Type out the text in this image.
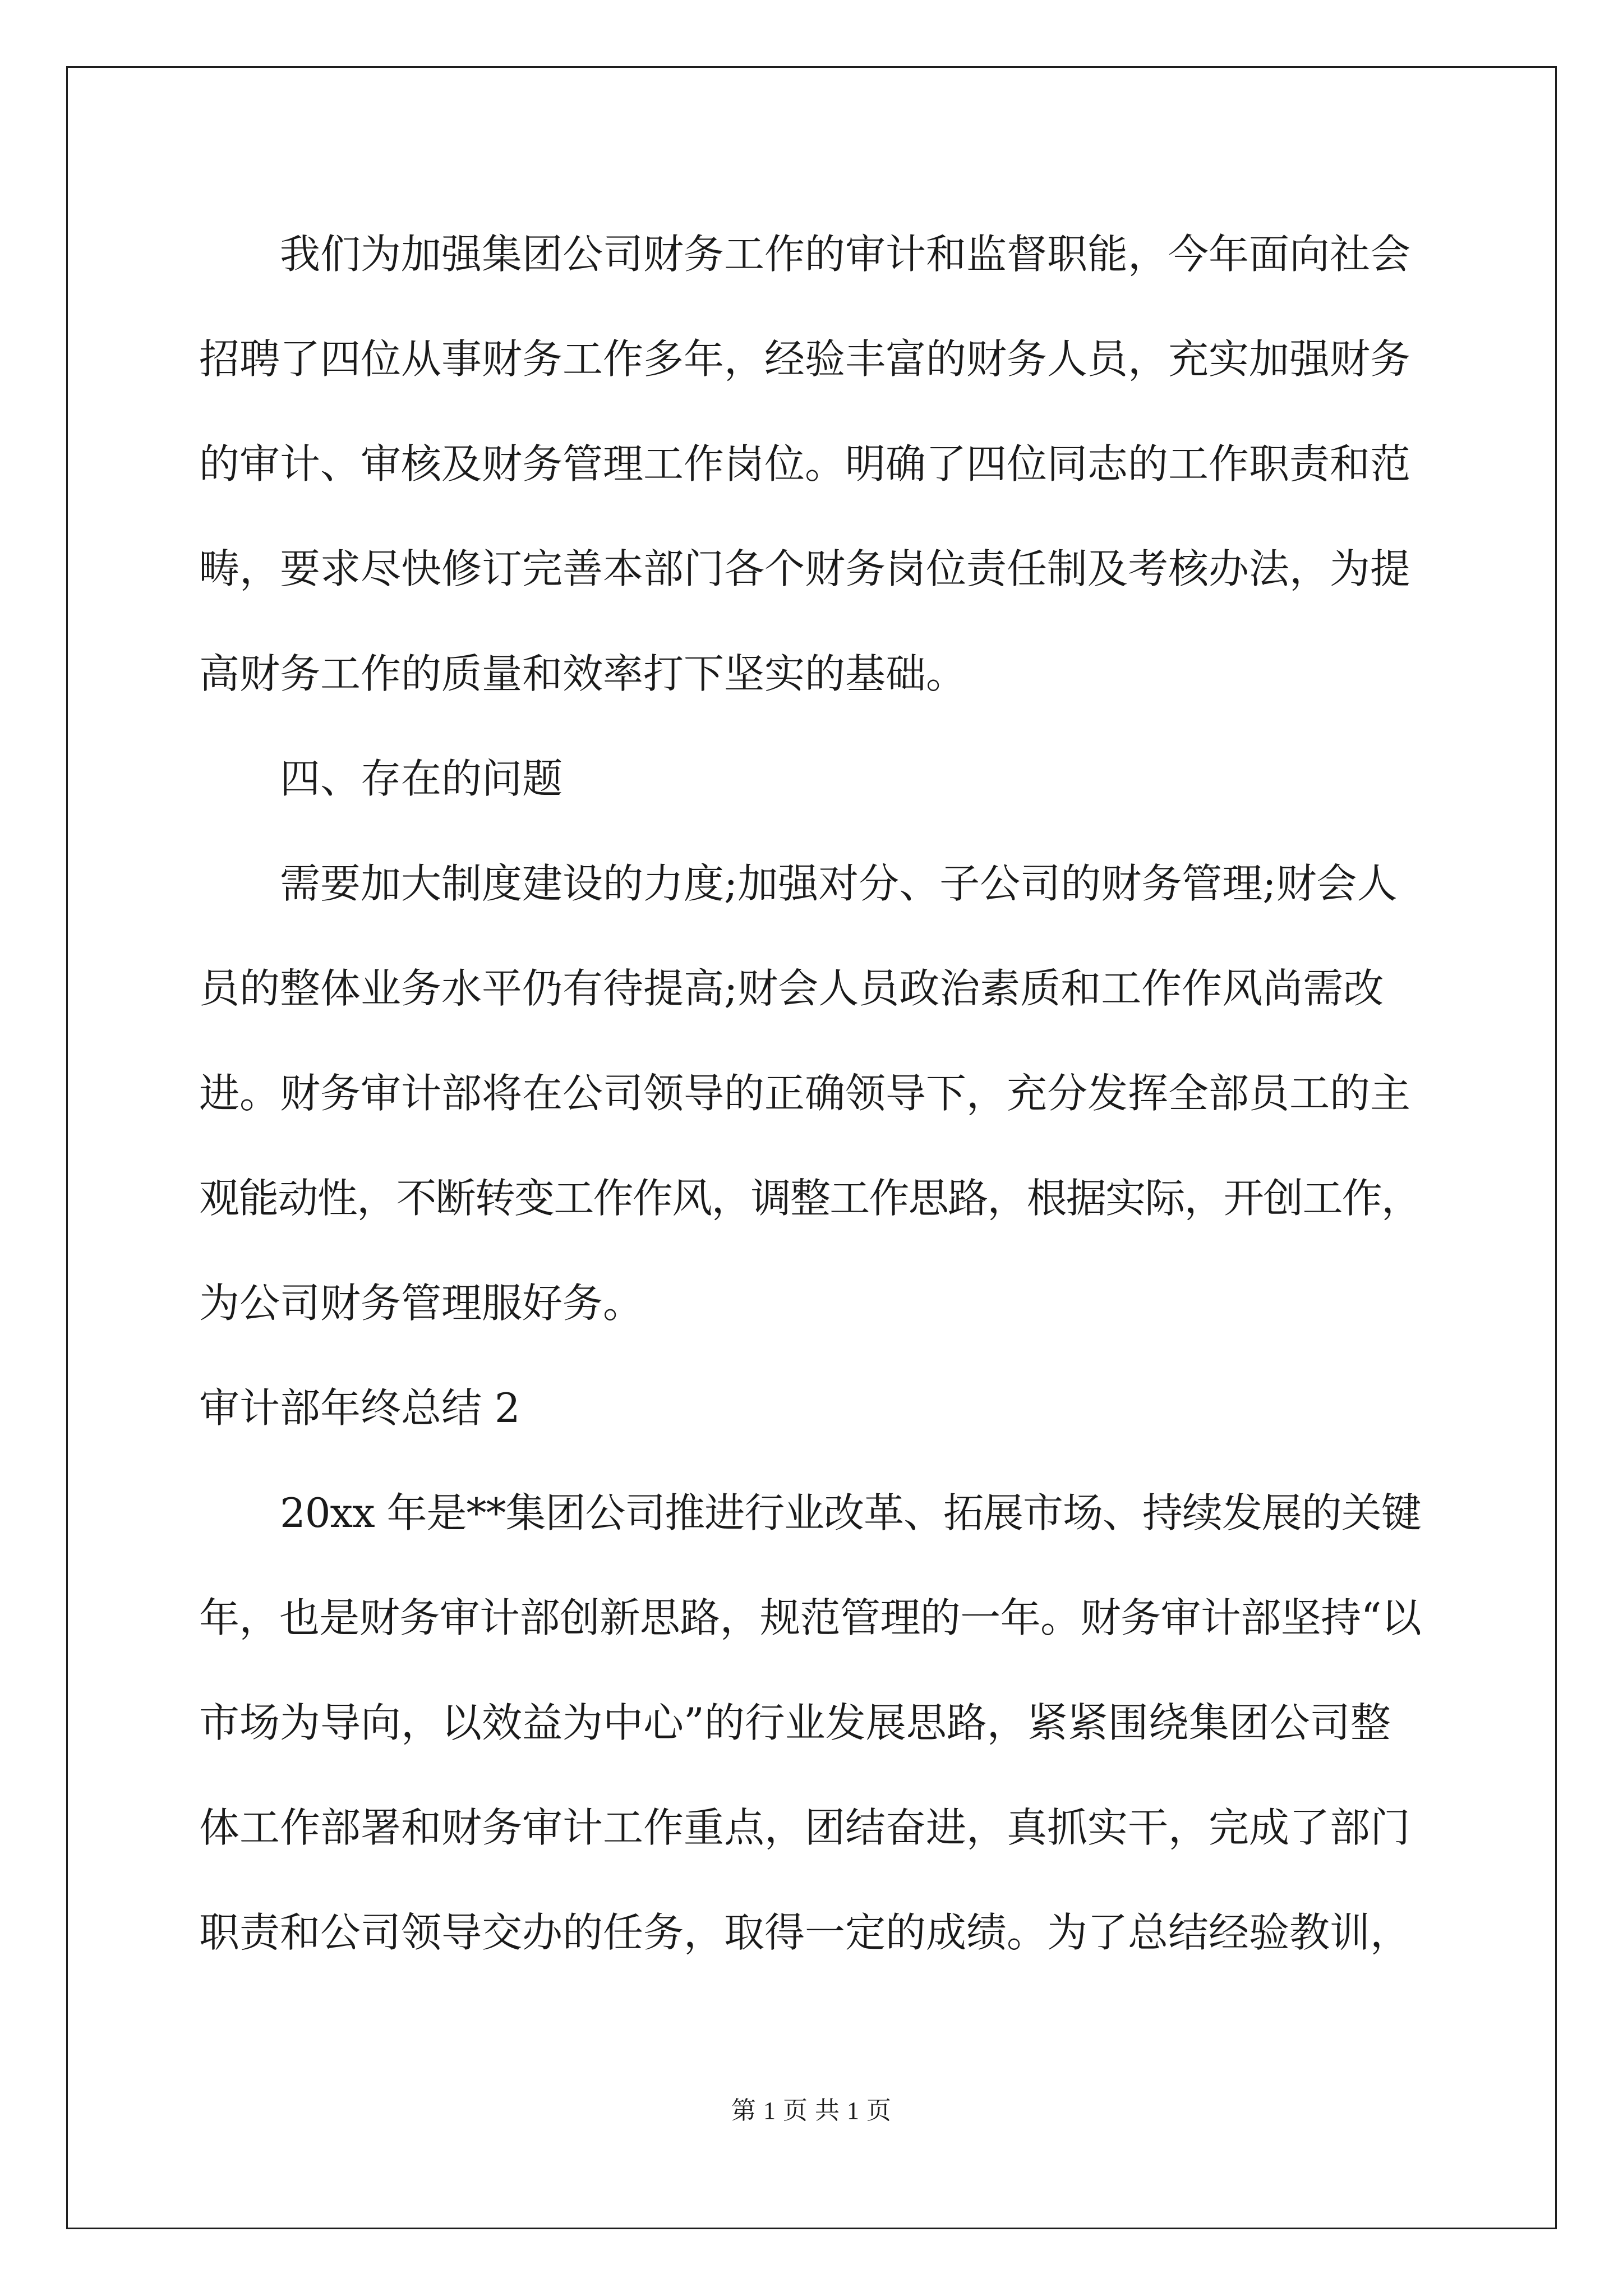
我们为加强集团公司财务工作的审计和监督职能，今年面向社会
招聘了四位从事财务工作多年，经验丰富的财务人员，充实加强财务
的审计、审核及财务管理工作岗位。明确了四位同志的工作职责和范
畴，要求尽快修订完善本部门各个财务岗位责任制及考核办法，为提
高财务工作的质量和效率打下坚实的基础。
四、存在的问题
需要加大制度建设的力度;加强对分、子公司的财务管理;财会人
员的整体业务水平仍有待提高;财会人员政治素质和工作作风尚需改
进。财务审计部将在公司领导的正确领导下，充分发挥全部员工的主
观能动性，不断转变工作作风，调整工作思路，根据实际，开创工作，
为公司财务管理服好务。
审计部年终总结 2
20xx 年是**集团公司推进行业改革、拓展市场、持续发展的关键
年，也是财务审计部创新思路，规范管理的一年。财务审计部坚持“以
市场为导向，以效益为中心”的行业发展思路，紧紧围绕集团公司整
体工作部署和财务审计工作重点，团结奋进，真抓实干，完成了部门
职责和公司领导交办的任务，取得一定的成绩。为了总结经验教训，
第 1 页 共 1 页
